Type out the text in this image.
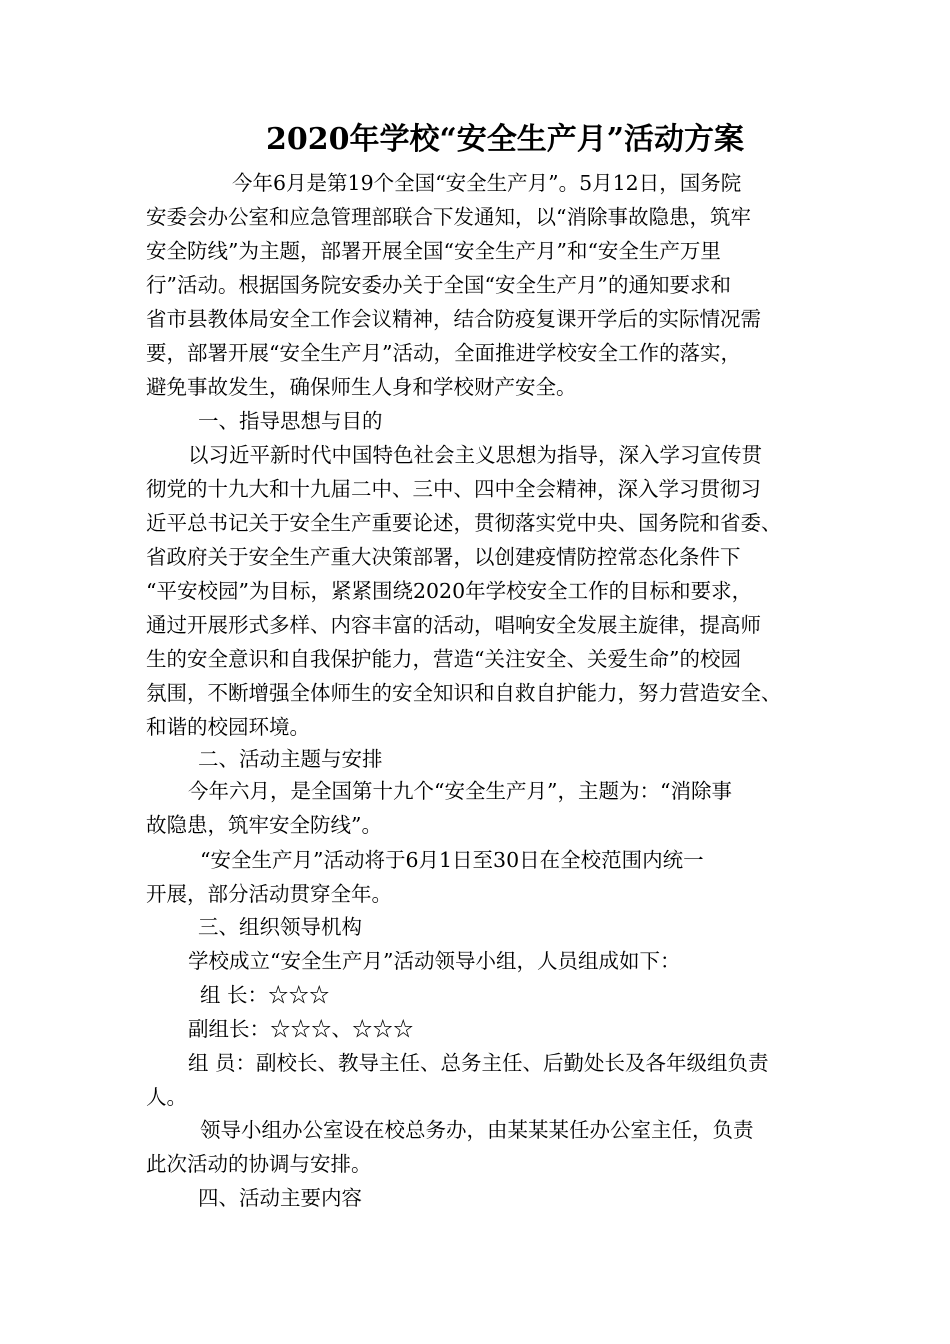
2020年学校“安全生产月”活动方案
今年6月是第19个全国“安全生产月”。5月12日，国务院
安委会办公室和应急管理部联合下发通知，以“消除事故隐患，筑牢
安全防线”为主题，部署开展全国“安全生产月”和“安全生产万里
行”活动。根据国务院安委办关于全国“安全生产月”的通知要求和
省市县教体局安全工作会议精神，结合防疫复课开学后的实际情况需
要，部署开展“安全生产月”活动，全面推进学校安全工作的落实，
避免事故发生，确保师生人身和学校财产安全。
一、指导思想与目的
以习近平新时代中国特色社会主义思想为指导，深入学习宣传贯
彻党的十九大和十九届二中、三中、四中全会精神，深入学习贯彻习
近平总书记关于安全生产重要论述，贯彻落实党中央、国务院和省委、
省政府关于安全生产重大决策部署，以创建疫情防控常态化条件下
“平安校园”为目标，紧紧围绕2020年学校安全工作的目标和要求，
通过开展形式多样、内容丰富的活动，唱响安全发展主旋律，提高师
生的安全意识和自我保护能力，营造“关注安全、关爱生命”的校园
氛围，不断增强全体师生的安全知识和自救自护能力，努力营造安全、
和谐的校园环境。
二、活动主题与安排
今年六月，是全国第十九个“安全生产月”，主题为：“消除事
故隐患，筑牢安全防线”。
“安全生产月”活动将于6月1日至30日在全校范围内统一
开展，部分活动贯穿全年。
三、组织领导机构
学校成立“安全生产月”活动领导小组，人员组成如下：
组 长：☆☆☆
副组长：☆☆☆、☆☆☆
组 员：副校长、教导主任、总务主任、后勤处长及各年级组负责
人。
领导小组办公室设在校总务办，由某某某任办公室主任，负责
此次活动的协调与安排。
四、活动主要内容
